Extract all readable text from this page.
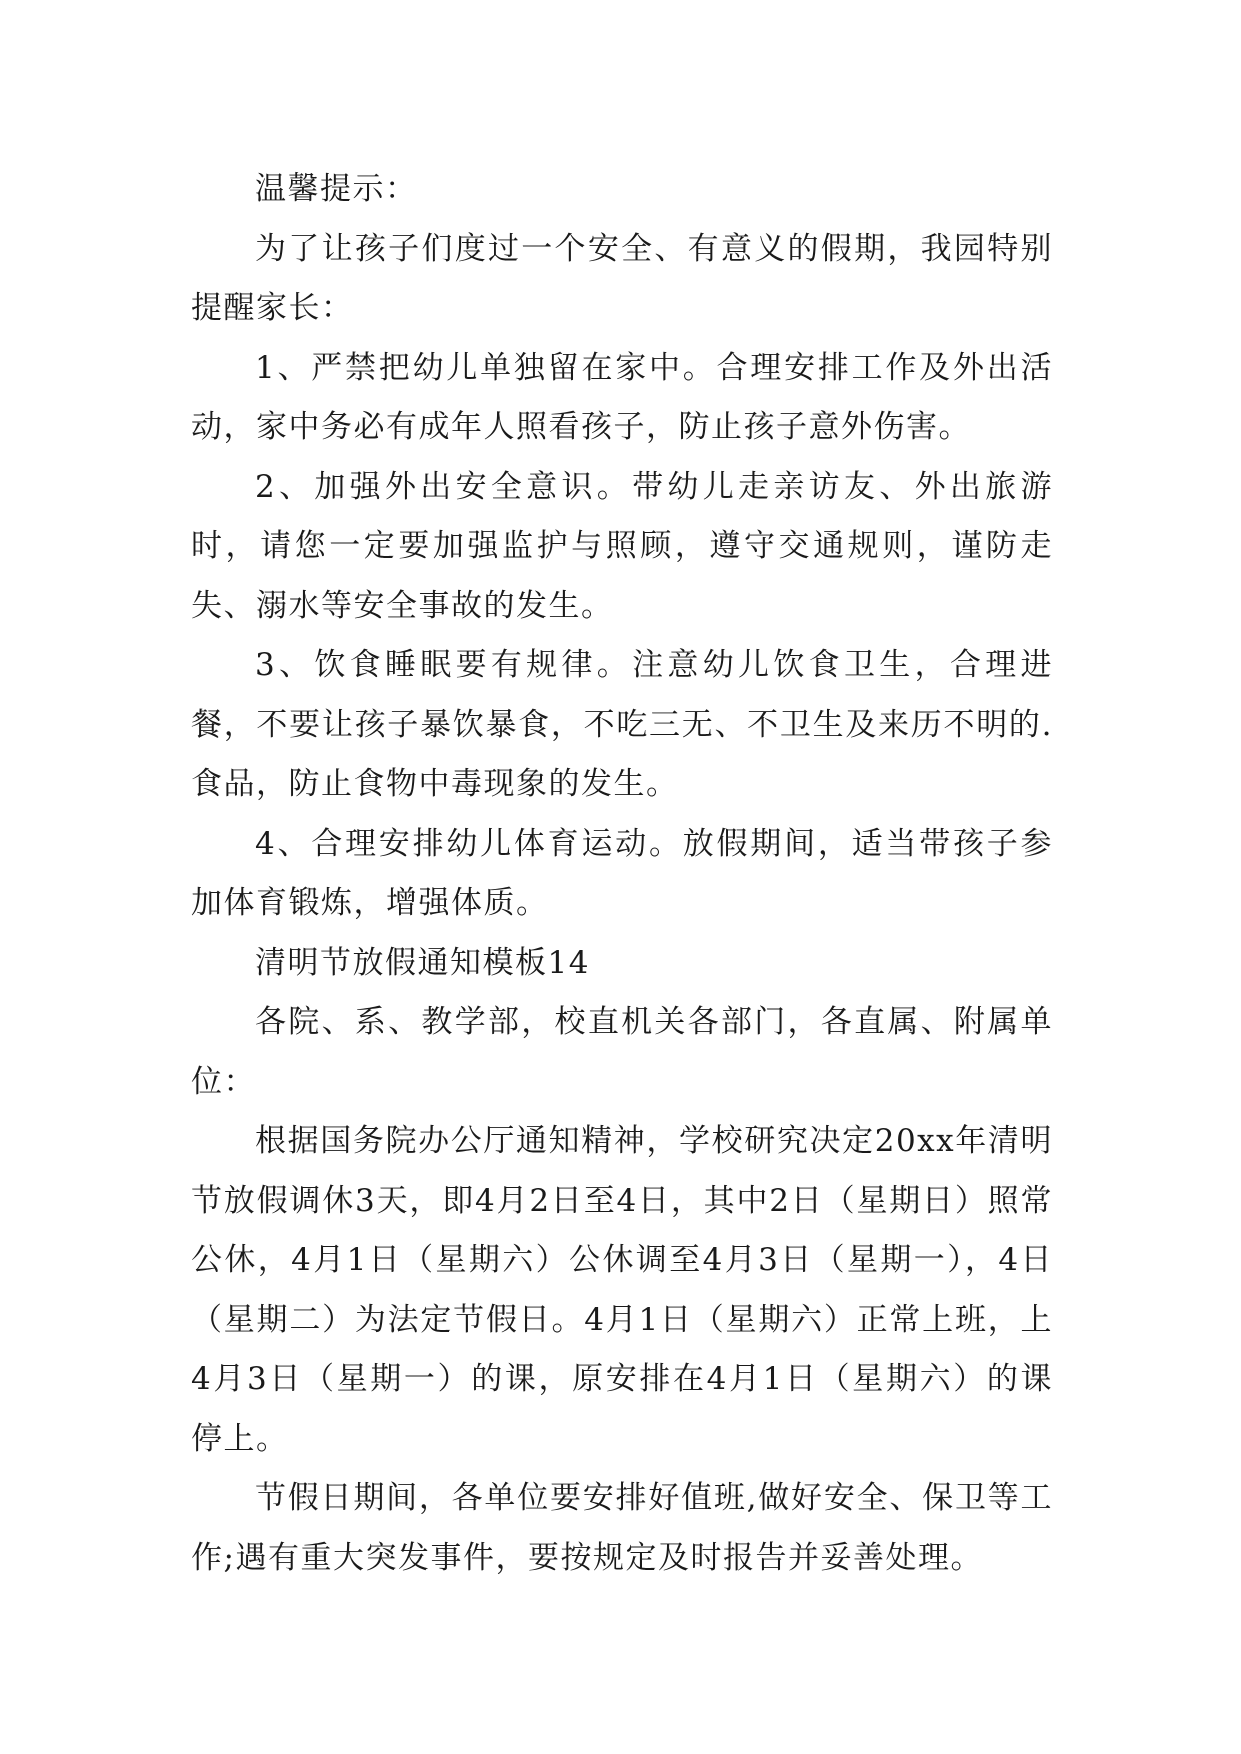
温馨提示：

为了让孩子们度过一个安全、有意义的假期，我园特别提醒家长：

1、严禁把幼儿单独留在家中。合理安排工作及外出活动，家中务必有成年人照看孩子，防止孩子意外伤害。

2、加强外出安全意识。带幼儿走亲访友、外出旅游时，请您一定要加强监护与照顾，遵守交通规则，谨防走失、溺水等安全事故的发生。

3、饮食睡眠要有规律。注意幼儿饮食卫生，合理进餐，不要让孩子暴饮暴食，不吃三无、不卫生及来历不明的.食品，防止食物中毒现象的发生。

4、合理安排幼儿体育运动。放假期间，适当带孩子参加体育锻炼，增强体质。

清明节放假通知模板14

各院、系、教学部，校直机关各部门，各直属、附属单位：

根据国务院办公厅通知精神，学校研究决定20xx年清明节放假调休3天，即4月2日至4日，其中2日（星期日）照常公休，4月1日（星期六）公休调至4月3日（星期一），4日（星期二）为法定节假日。4月1日（星期六）正常上班，上4月3日（星期一）的课，原安排在4月1日（星期六）的课停上。

节假日期间，各单位要安排好值班,做好安全、保卫等工作;遇有重大突发事件，要按规定及时报告并妥善处理。
